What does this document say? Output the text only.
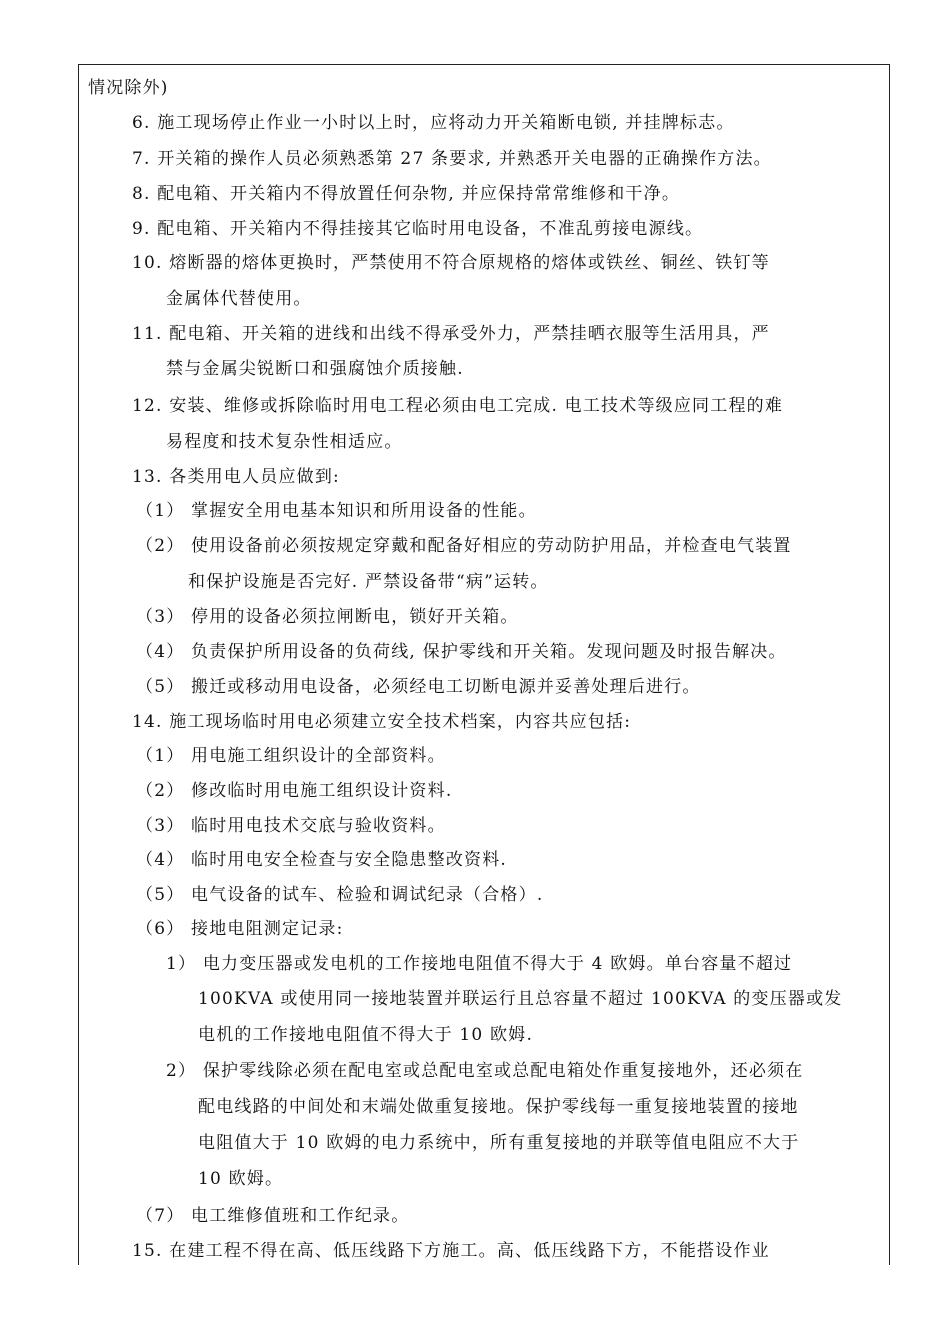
情况除外)
6. 施工现场停止作业一小时以上时，应将动力开关箱断电锁, 并挂牌标志。
7. 开关箱的操作人员必须熟悉第 27 条要求, 并熟悉开关电器的正确操作方法。
8. 配电箱、开关箱内不得放置任何杂物, 并应保持常常维修和干净。
9. 配电箱、开关箱内不得挂接其它临时用电设备，不准乱剪接电源线。
10. 熔断器的熔体更换时，严禁使用不符合原规格的熔体或铁丝、铜丝、铁钉等
金属体代替使用。
11. 配电箱、开关箱的进线和出线不得承受外力，严禁挂晒衣服等生活用具，严
禁与金属尖锐断口和强腐蚀介质接触.
12. 安装、维修或拆除临时用电工程必须由电工完成. 电工技术等级应同工程的难
易程度和技术复杂性相适应。
13. 各类用电人员应做到:
（1） 掌握安全用电基本知识和所用设备的性能。
（2） 使用设备前必须按规定穿戴和配备好相应的劳动防护用品，并检查电气装置
和保护设施是否完好. 严禁设备带“病”运转。
（3） 停用的设备必须拉闸断电，锁好开关箱。
（4） 负责保护所用设备的负荷线, 保护零线和开关箱。发现问题及时报告解决。
（5） 搬迁或移动用电设备，必须经电工切断电源并妥善处理后进行。
14. 施工现场临时用电必须建立安全技术档案，内容共应包括:
（1） 用电施工组织设计的全部资料。
（2） 修改临时用电施工组织设计资料.
（3） 临时用电技术交底与验收资料。
（4） 临时用电安全检查与安全隐患整改资料.
（5） 电气设备的试车、检验和调试纪录（合格）.
（6） 接地电阻测定记录:
1） 电力变压器或发电机的工作接地电阻值不得大于 4 欧姆。单台容量不超过
100KVA 或使用同一接地装置并联运行且总容量不超过 100KVA 的变压器或发
电机的工作接地电阻值不得大于 10 欧姆.
2） 保护零线除必须在配电室或总配电室或总配电箱处作重复接地外，还必须在
配电线路的中间处和末端处做重复接地。保护零线每一重复接地装置的接地
电阻值大于 10 欧姆的电力系统中，所有重复接地的并联等值电阻应不大于
10 欧姆。
（7） 电工维修值班和工作纪录。
15. 在建工程不得在高、低压线路下方施工。高、低压线路下方，不能搭设作业
